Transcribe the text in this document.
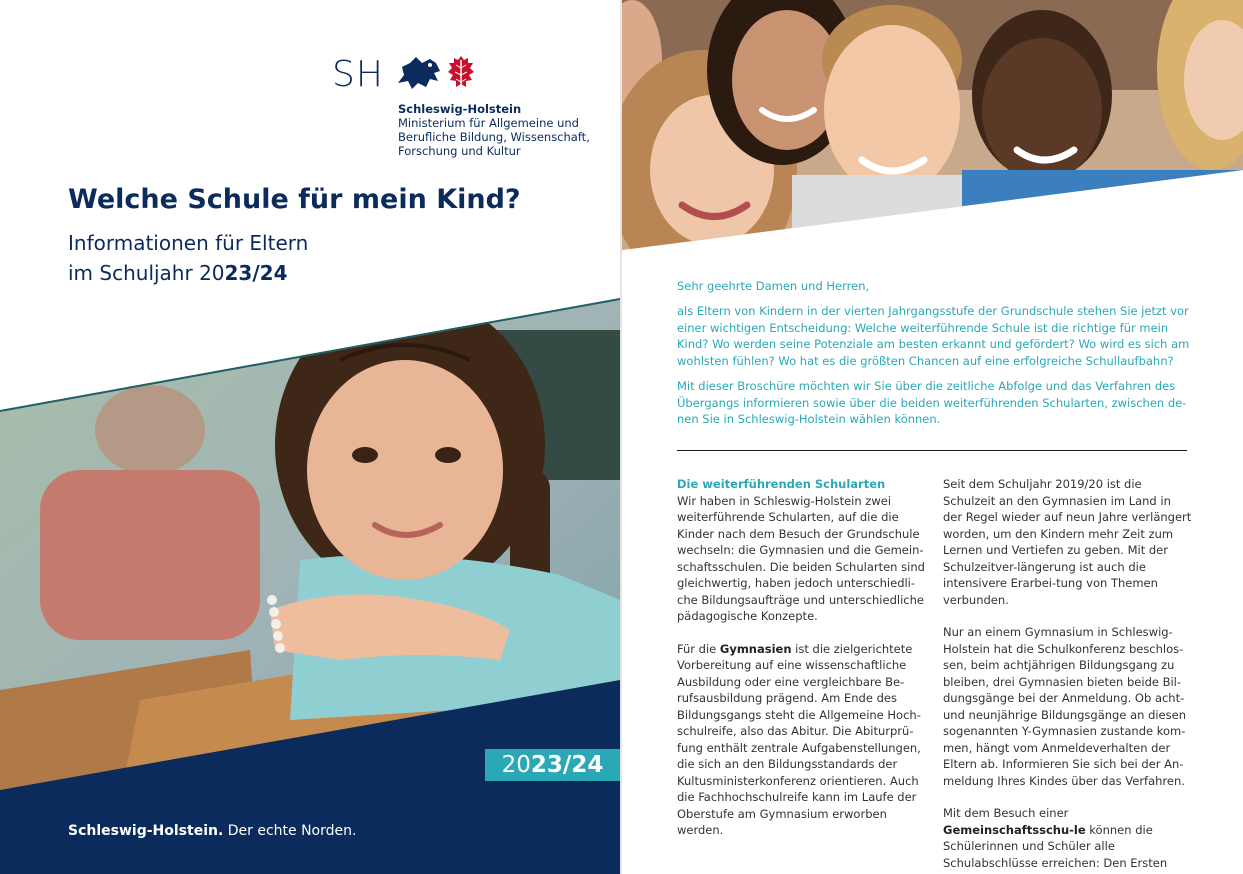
SH
Schleswig-Holstein
Ministerium für Allgemeine und
Berufliche Bildung, Wissenschaft,
Forschung und Kultur
Welche Schule für mein Kind?
Informationen für Eltern
im Schuljahr 2023/24
2023/24
Schleswig-Holstein. Der echte Norden.

Sehr geehrte Damen und Herren,

als Eltern von Kindern in der vierten Jahrgangsstufe der Grundschule stehen Sie jetzt vor einer wichtigen Entscheidung: Welche weiterführende Schule ist die richtige für mein Kind? Wo werden seine Potenziale am besten erkannt und gefördert? Wo wird es sich am wohlsten fühlen? Wo hat es die größten Chancen auf eine erfolgreiche Schullaufbahn?

Mit dieser Broschüre möchten wir Sie über die zeitliche Abfolge und das Verfahren des Übergangs informieren sowie über die beiden weiterführenden Schularten, zwischen de-nen Sie in Schleswig-Holstein wählen können.

Die weiterführenden Schularten
Wir haben in Schleswig-Holstein zwei weiterführende Schularten, auf die die Kinder nach dem Besuch der Grundschule wechseln: die Gymnasien und die Gemein-schaftsschulen. Die beiden Schularten sind gleichwertig, haben jedoch unterschiedli-che Bildungsaufträge und unterschiedliche pädagogische Konzepte.

Für die Gymnasien ist die zielgerichtete Vorbereitung auf eine wissenschaftliche Ausbildung oder eine vergleichbare Be-rufsausbildung prägend. Am Ende des Bildungsgangs steht die Allgemeine Hoch-schulreife, also das Abitur. Die Abiturprü-fung enthält zentrale Aufgabenstellungen, die sich an den Bildungsstandards der Kultusministerkonferenz orientieren. Auch die Fachhochschulreife kann im Laufe der Oberstufe am Gymnasium erworben werden.

Seit dem Schuljahr 2019/20 ist die Schulzeit an den Gymnasien im Land in der Regel wieder auf neun Jahre verlängert worden, um den Kindern mehr Zeit zum Lernen und Vertiefen zu geben. Mit der Schulzeitver-längerung ist auch die intensivere Erarbei-tung von Themen verbunden.

Nur an einem Gymnasium in Schleswig-Holstein hat die Schulkonferenz beschlos-sen, beim achtjährigen Bildungsgang zu bleiben, drei Gymnasien bieten beide Bil-dungsgänge bei der Anmeldung. Ob acht- und neunjährige Bildungsgänge an diesen sogenannten Y-Gymnasien zustande kom-men, hängt vom Anmeldeverhalten der Eltern ab. Informieren Sie sich bei der An-meldung Ihres Kindes über das Verfahren.

Mit dem Besuch einer Gemeinschaftsschu-le können die Schülerinnen und Schüler alle Schulabschlüsse erreichen: Den Ersten
